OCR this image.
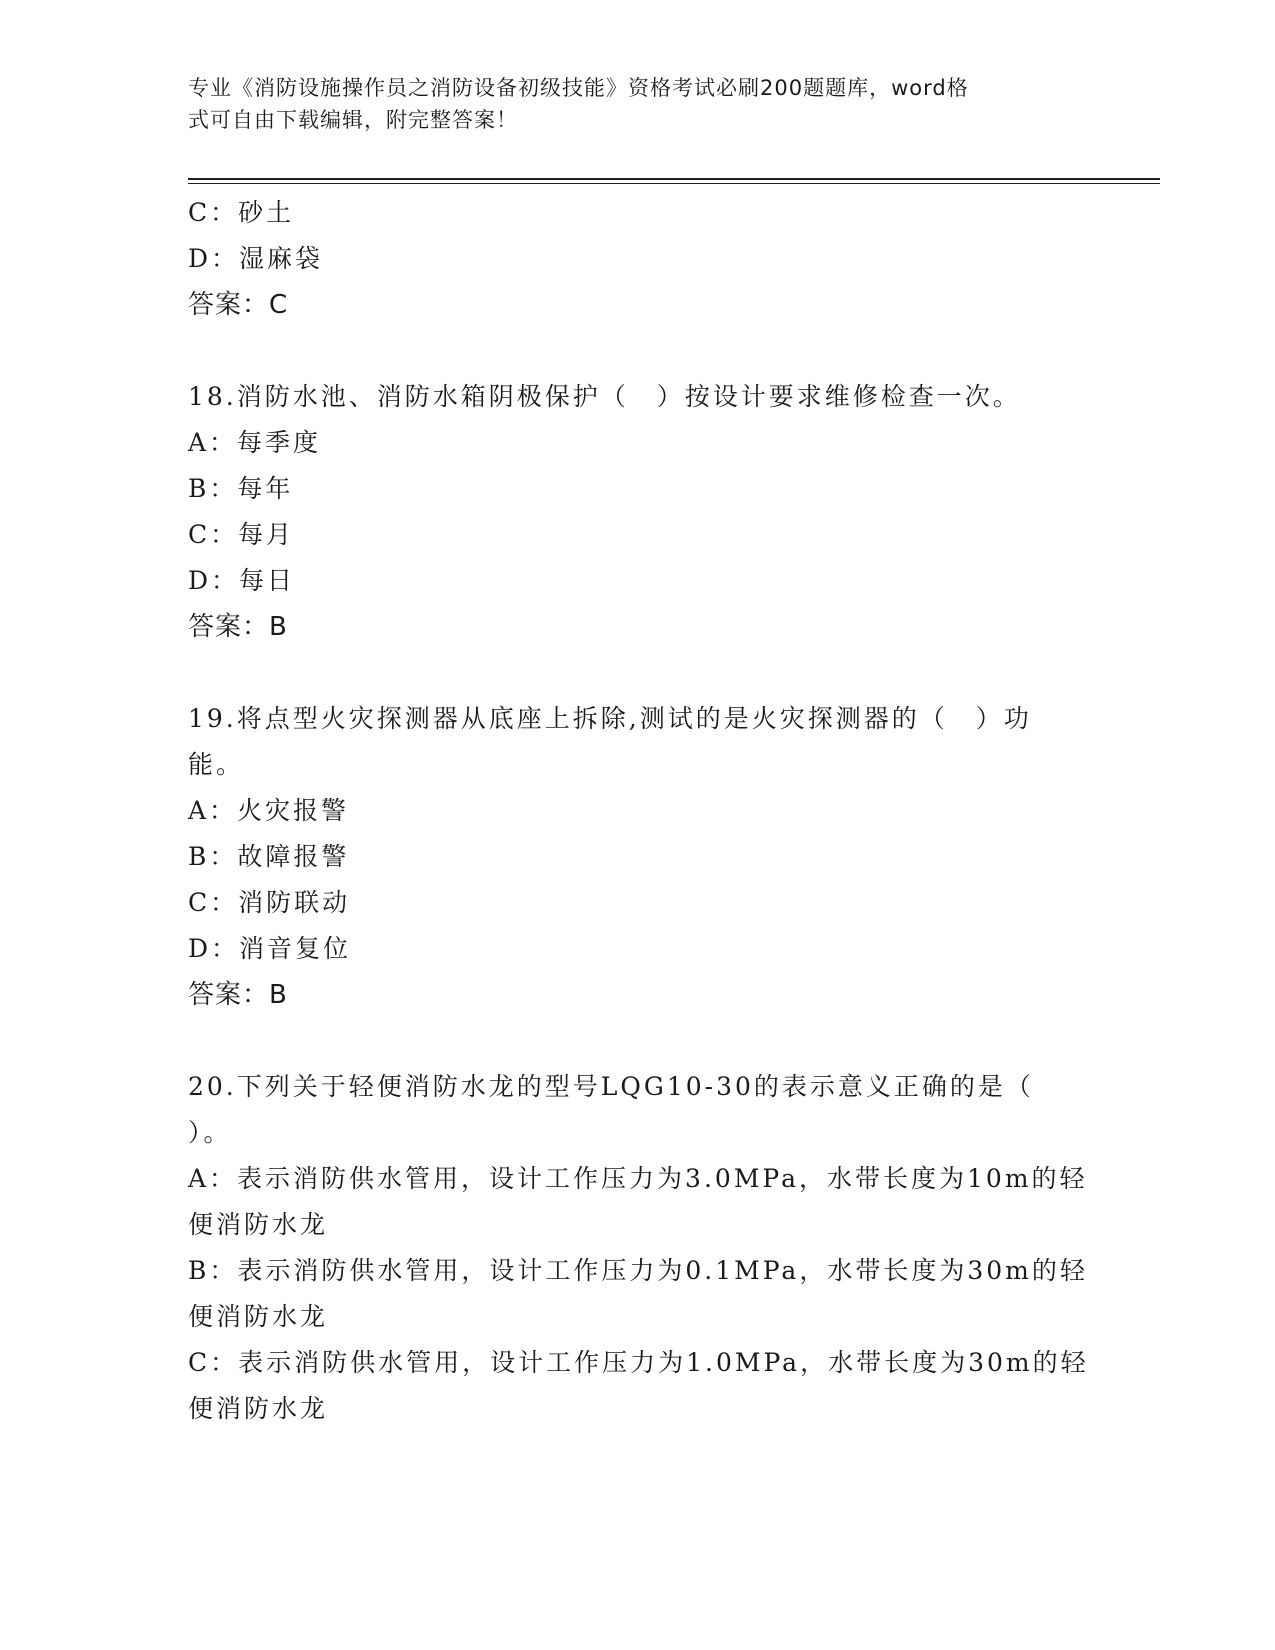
专业《消防设施操作员之消防设备初级技能》资格考试必刷200题题库，word格
式可自由下载编辑，附完整答案！
C：砂土
D：湿麻袋
答案：C
18.消防水池、消防水箱阴极保护（　）按设计要求维修检查一次。
A：每季度
B：每年
C：每月
D：每日
答案：B
19.将点型火灾探测器从底座上拆除,测试的是火灾探测器的（　）功
能。
A：火灾报警
B：故障报警
C：消防联动
D：消音复位
答案：B
20.下列关于轻便消防水龙的型号LQG10-30的表示意义正确的是（
）。
A：表示消防供水管用，设计工作压力为3.0MPa，水带长度为10m的轻
便消防水龙
B：表示消防供水管用，设计工作压力为0.1MPa，水带长度为30m的轻
便消防水龙
C：表示消防供水管用，设计工作压力为1.0MPa，水带长度为30m的轻
便消防水龙
